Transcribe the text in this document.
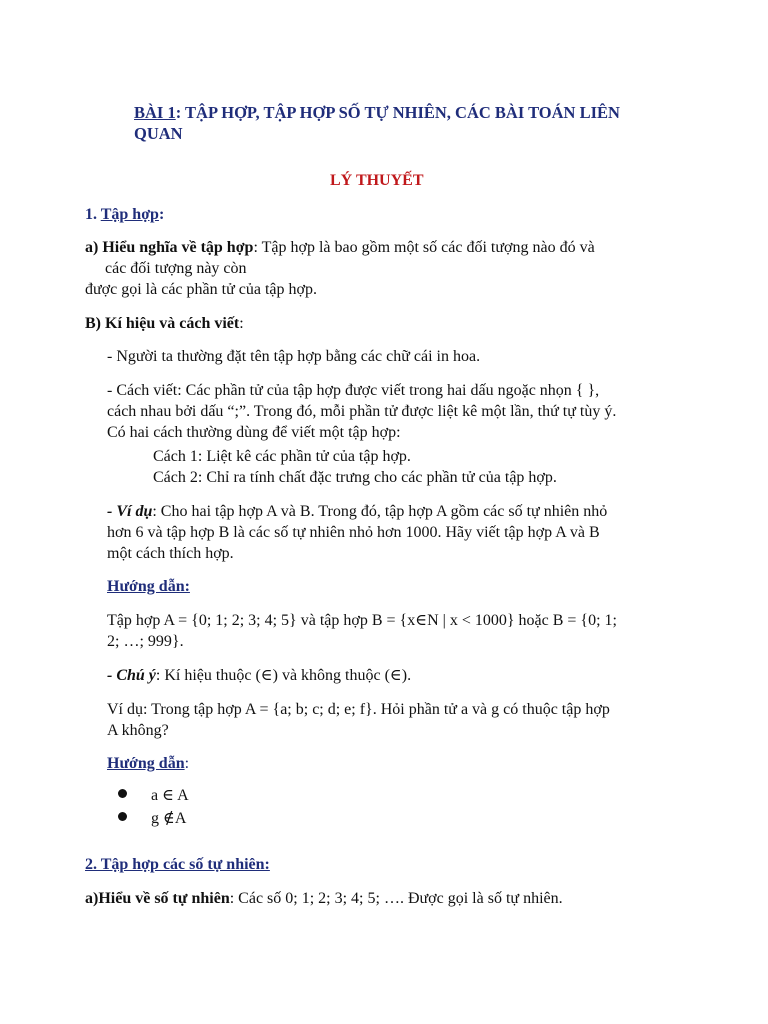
BÀI 1: TẬP HỢP, TẬP HỢP SỐ TỰ NHIÊN, CÁC BÀI TOÁN LIÊN
QUAN
LÝ THUYẾT
1. Tập hợp:
a) Hiểu nghĩa về tập hợp: Tập hợp là bao gồm một số các đối tượng nào đó và
các đối tượng này còn
được gọi là các phần tử của tập hợp.
B) Kí hiệu và cách viết:
- Người ta thường đặt tên tập hợp bằng các chữ cái in hoa.
- Cách viết: Các phần tử của tập hợp được viết trong hai dấu ngoặc nhọn { },
cách nhau bởi dấu “;”. Trong đó, mỗi phần tử được liệt kê một lần, thứ tự tùy ý.
Có hai cách thường dùng để viết một tập hợp:
Cách 1: Liệt kê các phần tử của tập hợp.
Cách 2: Chỉ ra tính chất đặc trưng cho các phần tử của tập hợp.
- Ví dụ: Cho hai tập hợp A và B. Trong đó, tập hợp A gồm các số tự nhiên nhỏ
hơn 6 và tập hợp B là các số tự nhiên nhỏ hơn 1000. Hãy viết tập hợp A và B
một cách thích hợp.
Hướng dẫn:
Tập hợp A = {0; 1; 2; 3; 4; 5} và tập hợp B = {x∈N | x < 1000} hoặc B = {0; 1;
2; …; 999}.
- Chú ý: Kí hiệu thuộc (∈) và không thuộc (∈).
Ví dụ: Trong tập hợp A = {a; b; c; d; e; f}. Hỏi phần tử a và g có thuộc tập hợp
A không?
Hướng dẫn:
a ∈ A
g ∉A
2. Tập hợp các số tự nhiên:
a)Hiểu về số tự nhiên: Các số 0; 1; 2; 3; 4; 5; …. Được gọi là số tự nhiên.
